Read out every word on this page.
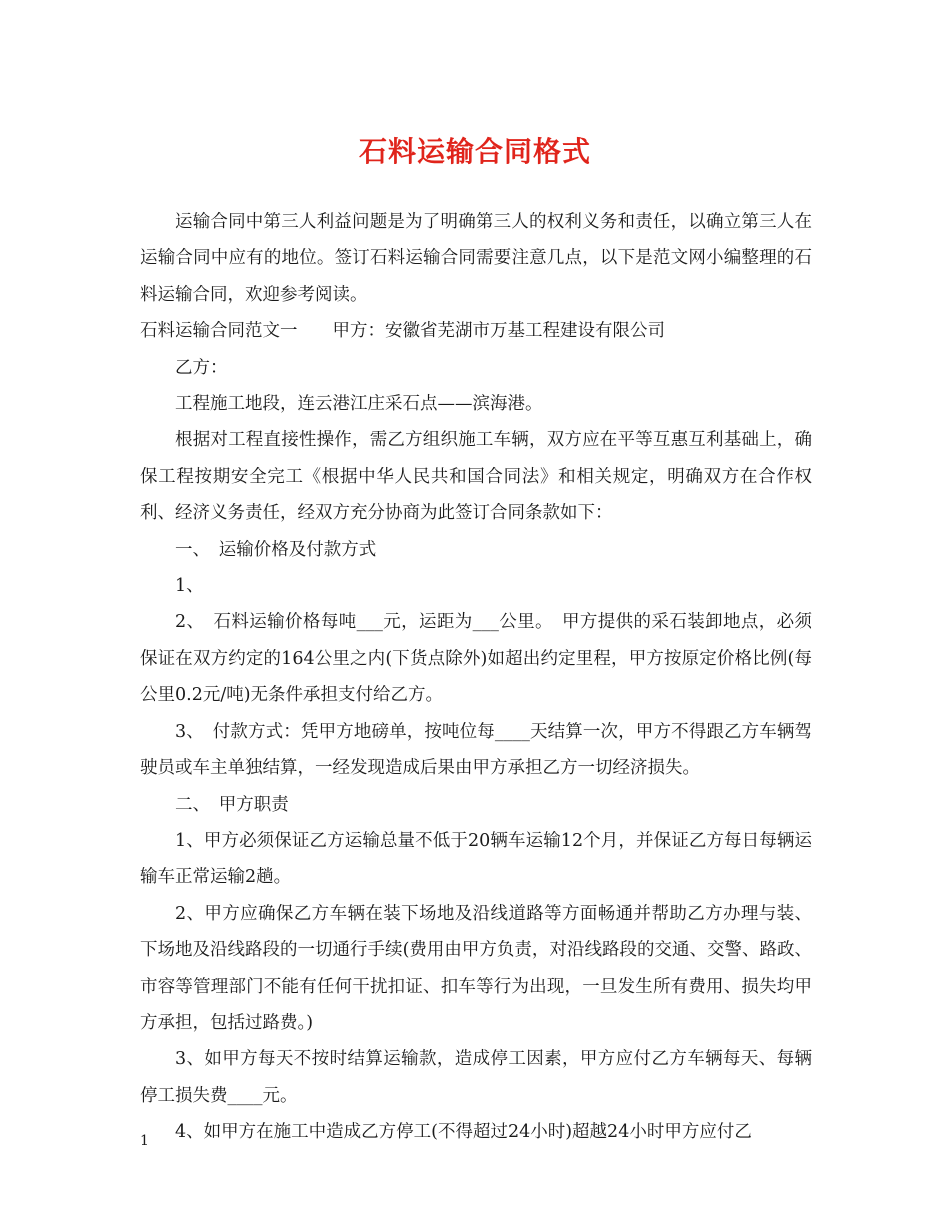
石料运输合同格式

运输合同中第三人利益问题是为了明确第三人的权利义务和责任，以确立第三人在运输合同中应有的地位。签订石料运输合同需要注意几点，以下是范文网小编整理的石料运输合同，欢迎参考阅读。

石料运输合同范文一　　甲方：安徽省芜湖市万基工程建设有限公司

乙方：

工程施工地段，连云港江庄采石点——滨海港。

根据对工程直接性操作，需乙方组织施工车辆，双方应在平等互惠互利基础上，确保工程按期安全完工《根据中华人民共和国合同法》和相关规定，明确双方在合作权利、经济义务责任，经双方充分协商为此签订合同条款如下：

一、　运输价格及付款方式

1、

2、　石料运输价格每吨___元，运距为___公里。　甲方提供的采石装卸地点，必须保证在双方约定的164公里之内(下货点除外)如超出约定里程，甲方按原定价格比例(每公里0.2元/吨)无条件承担支付给乙方。

3、　付款方式：凭甲方地磅单，按吨位每____天结算一次，甲方不得跟乙方车辆驾驶员或车主单独结算，一经发现造成后果由甲方承担乙方一切经济损失。

二、　甲方职责

1、甲方必须保证乙方运输总量不低于20辆车运输12个月，并保证乙方每日每辆运输车正常运输2趟。

2、甲方应确保乙方车辆在装下场地及沿线道路等方面畅通并帮助乙方办理与装、下场地及沿线路段的一切通行手续(费用由甲方负责，对沿线路段的交通、交警、路政、市容等管理部门不能有任何干扰扣证、扣车等行为出现，一旦发生所有费用、损失均甲方承担，包括过路费。)

3、如甲方每天不按时结算运输款，造成停工因素，甲方应付乙方车辆每天、每辆停工损失费____元。

4、如甲方在施工中造成乙方停工(不得超过24小时)超越24小时甲方应付乙

1
